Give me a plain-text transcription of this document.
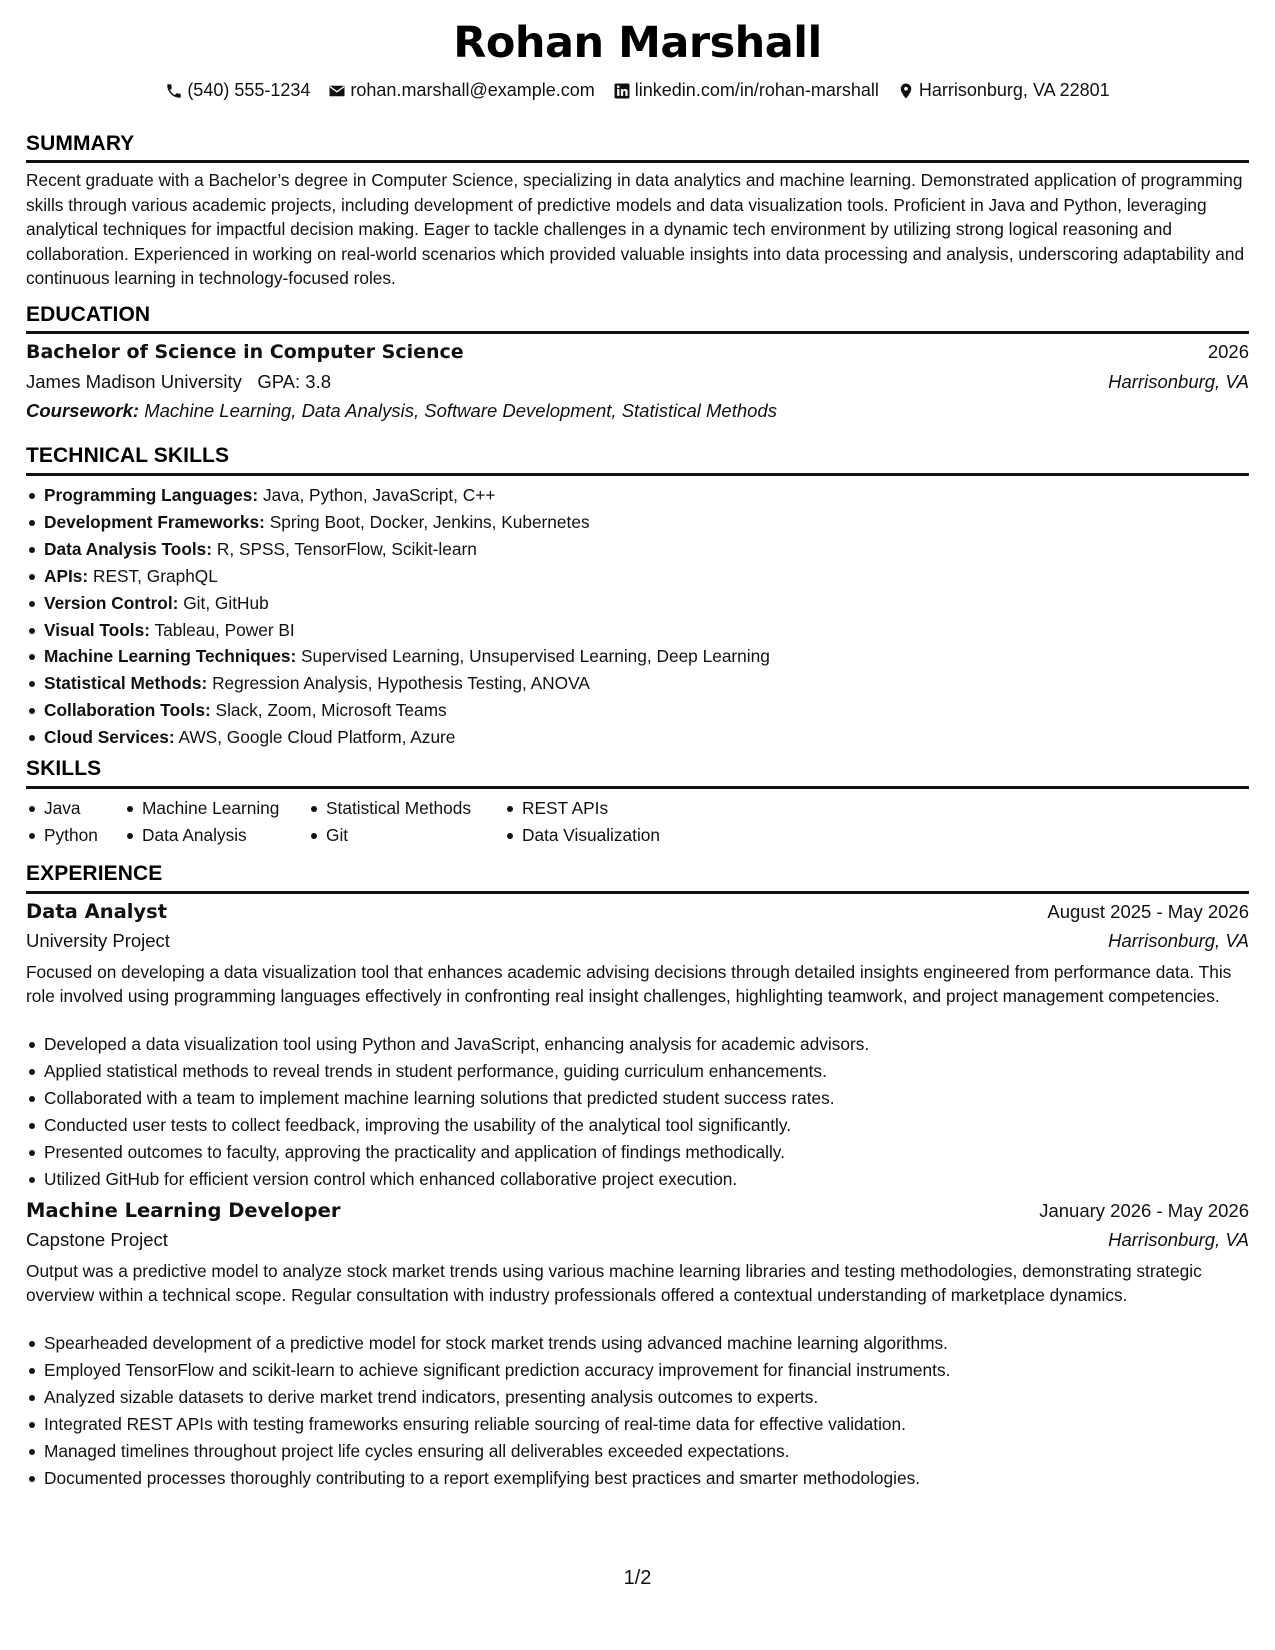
Rohan Marshall
(540) 555-1234 rohan.marshall@example.com linkedin.com/in/rohan-marshall Harrisonburg, VA 22801
SUMMARY
Recent graduate with a Bachelor’s degree in Computer Science, specializing in data analytics and machine learning. Demonstrated application of programming skills through various academic projects, including development of predictive models and data visualization tools. Proficient in Java and Python, leveraging analytical techniques for impactful decision making. Eager to tackle challenges in a dynamic tech environment by utilizing strong logical reasoning and collaboration. Experienced in working on real-world scenarios which provided valuable insights into data processing and analysis, underscoring adaptability and continuous learning in technology-focused roles.
EDUCATION
Bachelor of Science in Computer Science	2026
James Madison University GPA: 3.8	Harrisonburg, VA
Coursework: Machine Learning, Data Analysis, Software Development, Statistical Methods
TECHNICAL SKILLS
Programming Languages: Java, Python, JavaScript, C++
Development Frameworks: Spring Boot, Docker, Jenkins, Kubernetes
Data Analysis Tools: R, SPSS, TensorFlow, Scikit-learn
APIs: REST, GraphQL
Version Control: Git, GitHub
Visual Tools: Tableau, Power BI
Machine Learning Techniques: Supervised Learning, Unsupervised Learning, Deep Learning
Statistical Methods: Regression Analysis, Hypothesis Testing, ANOVA
Collaboration Tools: Slack, Zoom, Microsoft Teams
Cloud Services: AWS, Google Cloud Platform, Azure
SKILLS
Java
Python
Machine Learning
Data Analysis
Statistical Methods
Git
REST APIs
Data Visualization
EXPERIENCE
Data Analyst	August 2025 - May 2026
University Project	Harrisonburg, VA
Focused on developing a data visualization tool that enhances academic advising decisions through detailed insights engineered from performance data. This role involved using programming languages effectively in confronting real insight challenges, highlighting teamwork, and project management competencies.
Developed a data visualization tool using Python and JavaScript, enhancing analysis for academic advisors.
Applied statistical methods to reveal trends in student performance, guiding curriculum enhancements.
Collaborated with a team to implement machine learning solutions that predicted student success rates.
Conducted user tests to collect feedback, improving the usability of the analytical tool significantly.
Presented outcomes to faculty, approving the practicality and application of findings methodically.
Utilized GitHub for efficient version control which enhanced collaborative project execution.
Machine Learning Developer	January 2026 - May 2026
Capstone Project	Harrisonburg, VA
Output was a predictive model to analyze stock market trends using various machine learning libraries and testing methodologies, demonstrating strategic overview within a technical scope. Regular consultation with industry professionals offered a contextual understanding of marketplace dynamics.
Spearheaded development of a predictive model for stock market trends using advanced machine learning algorithms.
Employed TensorFlow and scikit-learn to achieve significant prediction accuracy improvement for financial instruments.
Analyzed sizable datasets to derive market trend indicators, presenting analysis outcomes to experts.
Integrated REST APIs with testing frameworks ensuring reliable sourcing of real-time data for effective validation.
Managed timelines throughout project life cycles ensuring all deliverables exceeded expectations.
Documented processes thoroughly contributing to a report exemplifying best practices and smarter methodologies.
1/2
